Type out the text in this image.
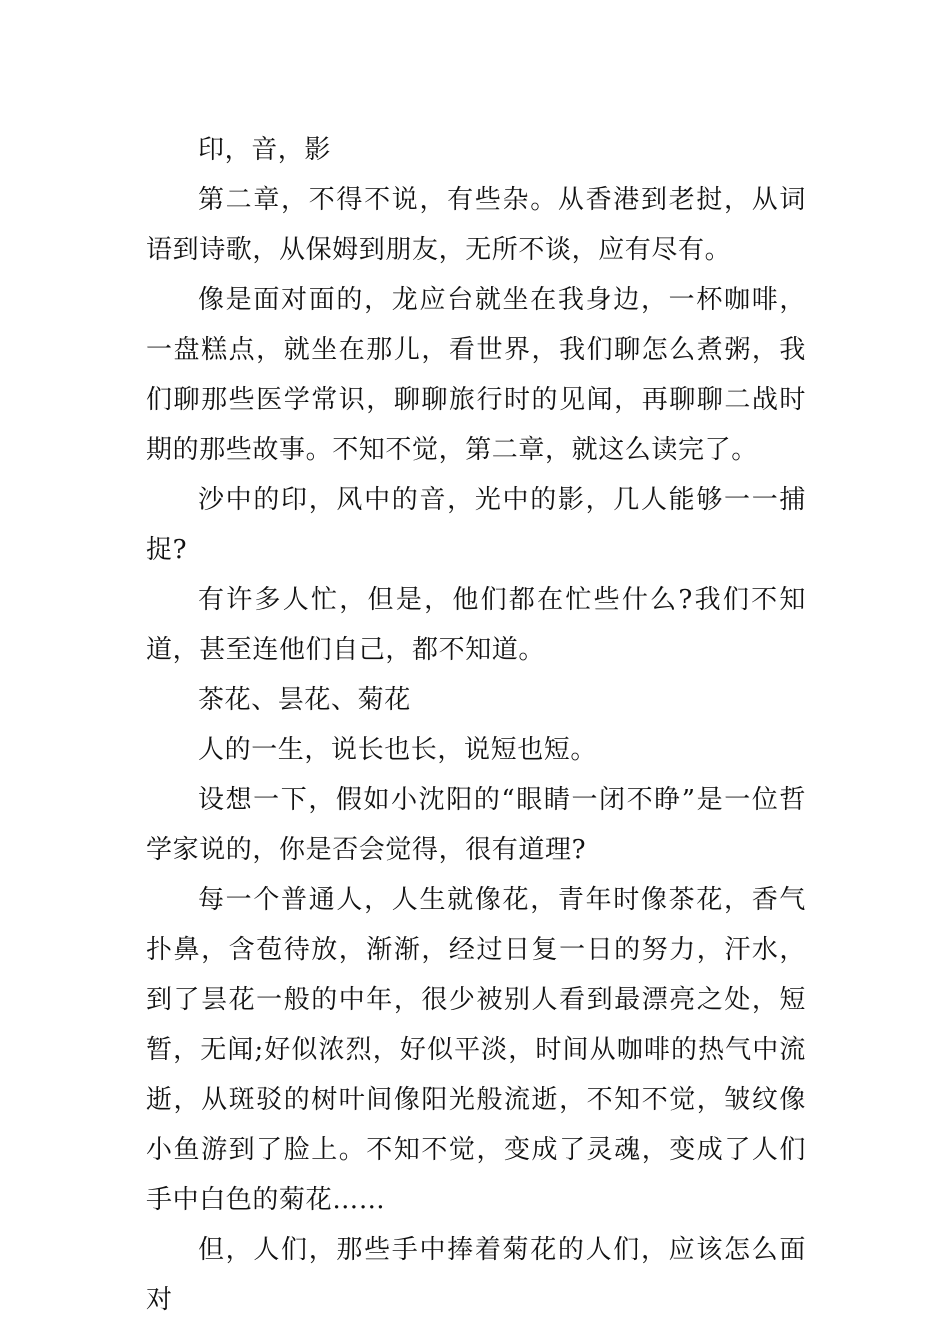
印，音，影

第二章，不得不说，有些杂。从香港到老挝，从词语到诗歌，从保姆到朋友，无所不谈，应有尽有。

像是面对面的，龙应台就坐在我身边，一杯咖啡，一盘糕点，就坐在那儿，看世界，我们聊怎么煮粥，我们聊那些医学常识，聊聊旅行时的见闻，再聊聊二战时期的那些故事。不知不觉，第二章，就这么读完了。

沙中的印，风中的音，光中的影，几人能够一一捕捉?

有许多人忙，但是，他们都在忙些什么?我们不知道，甚至连他们自己，都不知道。

茶花、昙花、菊花

人的一生，说长也长，说短也短。

设想一下，假如小沈阳的“眼睛一闭不睁”是一位哲学家说的，你是否会觉得，很有道理?

每一个普通人，人生就像花，青年时像茶花，香气扑鼻，含苞待放，渐渐，经过日复一日的努力，汗水，到了昙花一般的中年，很少被别人看到最漂亮之处，短暂，无闻;好似浓烈，好似平淡，时间从咖啡的热气中流逝，从斑驳的树叶间像阳光般流逝，不知不觉，皱纹像小鱼游到了脸上。不知不觉，变成了灵魂，变成了人们手中白色的菊花……

但，人们，那些手中捧着菊花的人们，应该怎么面对
